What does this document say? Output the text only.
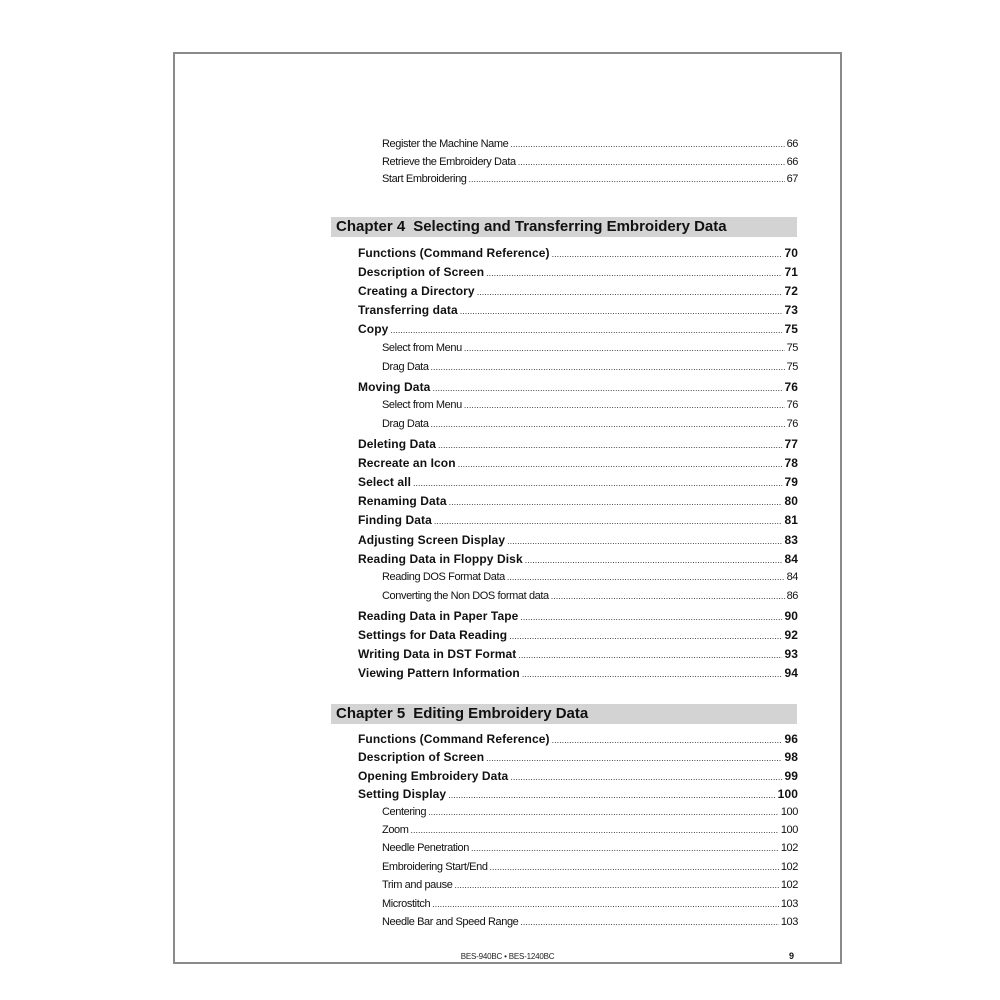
Register the Machine Name .....	66
Retrieve the Embroidery Data .....	66
Start Embroidering .....	67
Chapter 4 Selecting and Transferring Embroidery Data
Functions (Command Reference) .....	70
Description of Screen .....	71
Creating a Directory .....	72
Transferring data .....	73
Copy .....	75
Select from Menu .....	75
Drag Data .....	75
Moving Data .....	76
Select from Menu .....	76
Drag Data .....	76
Deleting Data .....	77
Recreate an Icon .....	78
Select all .....	79
Renaming Data .....	80
Finding Data .....	81
Adjusting Screen Display .....	83
Reading Data in Floppy Disk .....	84
Reading DOS Format Data .....	84
Converting the Non DOS format data .....	86
Reading Data in Paper Tape .....	90
Settings for Data Reading .....	92
Writing Data in DST Format .....	93
Viewing Pattern Information .....	94
Chapter 5 Editing Embroidery Data
Functions (Command Reference) .....	96
Description of Screen .....	98
Opening Embroidery Data .....	99
Setting Display .....	100
Centering .....	100
Zoom .....	100
Needle Penetration .....	102
Embroidering Start/End .....	102
Trim and pause .....	102
Microstitch .....	103
Needle Bar and Speed Range .....	103
BES-940BC • BES-1240BC	9
